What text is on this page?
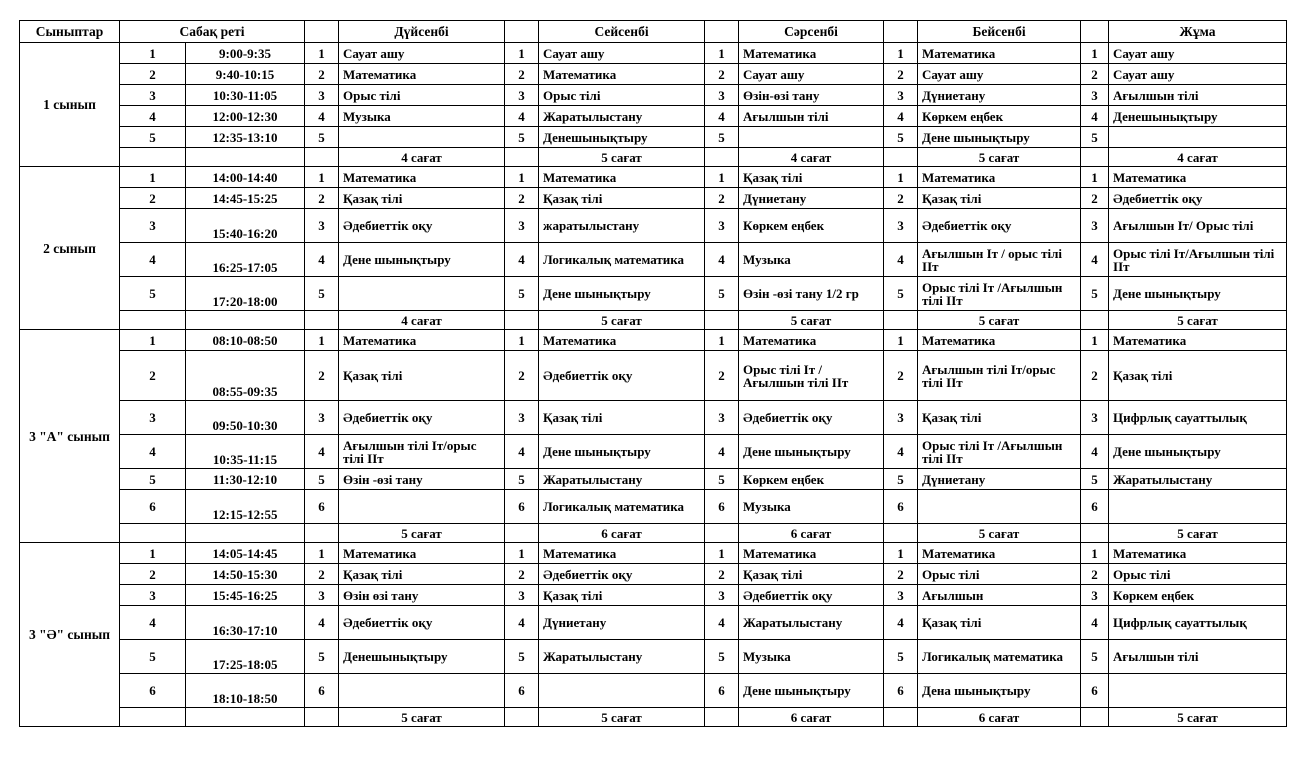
Сыныптар	Сабақ реті			Дүйсенбі		Сейсенбі		Сәрсенбі		Бейсенбі		Жұма
1 сынып	1	9:00-9:35	1	Сауат ашу	1	Сауат ашу	1	Математика	1	Математика	1	Сауат ашу
	2	9:40-10:15	2	Математика	2	Математика	2	Сауат ашу	2	Сауат ашу	2	Сауат ашу
	3	10:30-11:05	3	Орыс тілі	3	Орыс тілі	3	Өзін-өзі тану	3	Дүниетану	3	Ағылшын тілі
	4	12:00-12:30	4	Музыка	4	Жаратылыстану	4	Ағылшын тілі	4	Көркем еңбек	4	Денешынықтыру
	5	12:35-13:10	5		5	Денешынықтыру	5		5	Дене шынықтыру	5	
				4 сағат		5 сағат		4 сағат		5 сағат		4 сағат
2 сынып	1	14:00-14:40	1	Математика	1	Математика	1	Қазақ тілі	1	Математика	1	Математика
	2	14:45-15:25	2	Қазақ тілі	2	Қазақ тілі	2	Дүниетану	2	Қазақ тілі	2	Әдебиеттік оқу
	3	15:40-16:20	3	Әдебиеттік оқу	3	жаратылыстану	3	Көркем еңбек	3	Әдебиеттік оқу	3	Ағылшын Іт/ Орыс тілі
	4	16:25-17:05	4	Дене шынықтыру	4	Логикалық математика	4	Музыка	4	Ағылшын Іт / орыс тілі ІІт	4	Орыс тілі Іт/Ағылшын тілі ІІт
	5	17:20-18:00	5		5	Дене шынықтыру	5	Өзін -өзі тану 1/2 гр	5	Орыс тілі Іт /Ағылшын тілі ІІт	5	Дене шынықтыру
				4 сағат		5 сағат		5 сағат		5 сағат		5 сағат
3 "А" сынып	1	08:10-08:50	1	Математика	1	Математика	1	Математика	1	Математика	1	Математика
	2	08:55-09:35	2	Қазақ тілі	2	Әдебиеттік оқу	2	Орыс тілі Іт /Ағылшын тілі ІІт	2	Ағылшын тілі Іт/орыс тілі ІІт	2	Қазақ тілі
	3	09:50-10:30	3	Әдебиеттік оқу	3	Қазақ тілі	3	Әдебиеттік оқу	3	Қазақ тілі	3	Цифрлық сауаттылық
	4	10:35-11:15	4	Ағылшын тілі Іт/орыс тілі ІІт	4	Дене шынықтыру	4	Дене шынықтыру	4	Орыс тілі Іт /Ағылшын тілі ІІт	4	Дене шынықтыру
	5	11:30-12:10	5	Өзін -өзі тану	5	Жаратылыстану	5	Көркем еңбек	5	Дүниетану	5	Жаратылыстану
	6	12:15-12:55	6		6	Логикалық математика	6	Музыка	6		6	
				5 сағат		6 сағат		6 сағат		5 сағат		5 сағат
3 "Ә" сынып	1	14:05-14:45	1	Математика	1	Математика	1	Математика	1	Математика	1	Математика
	2	14:50-15:30	2	Қазақ тілі	2	Әдебиеттік оқу	2	Қазақ тілі	2	Орыс тілі	2	Орыс тілі
	3	15:45-16:25	3	Өзін өзі тану	3	Қазақ тілі	3	Әдебиеттік оқу	3	Ағылшын	3	Көркем еңбек
	4	16:30-17:10	4	Әдебиеттік оқу	4	Дүниетану	4	Жаратылыстану	4	Қазақ тілі	4	Цифрлық сауаттылық
	5	17:25-18:05	5	Денешынықтыру	5	Жаратылыстану	5	Музыка	5	Логикалық математика	5	Ағылшын тілі
	6	18:10-18:50	6		6		6	Дене шынықтыру	6	Дена шынықтыру	6	
				5 сағат		5 сағат		6 сағат		6 сағат		5 сағат
